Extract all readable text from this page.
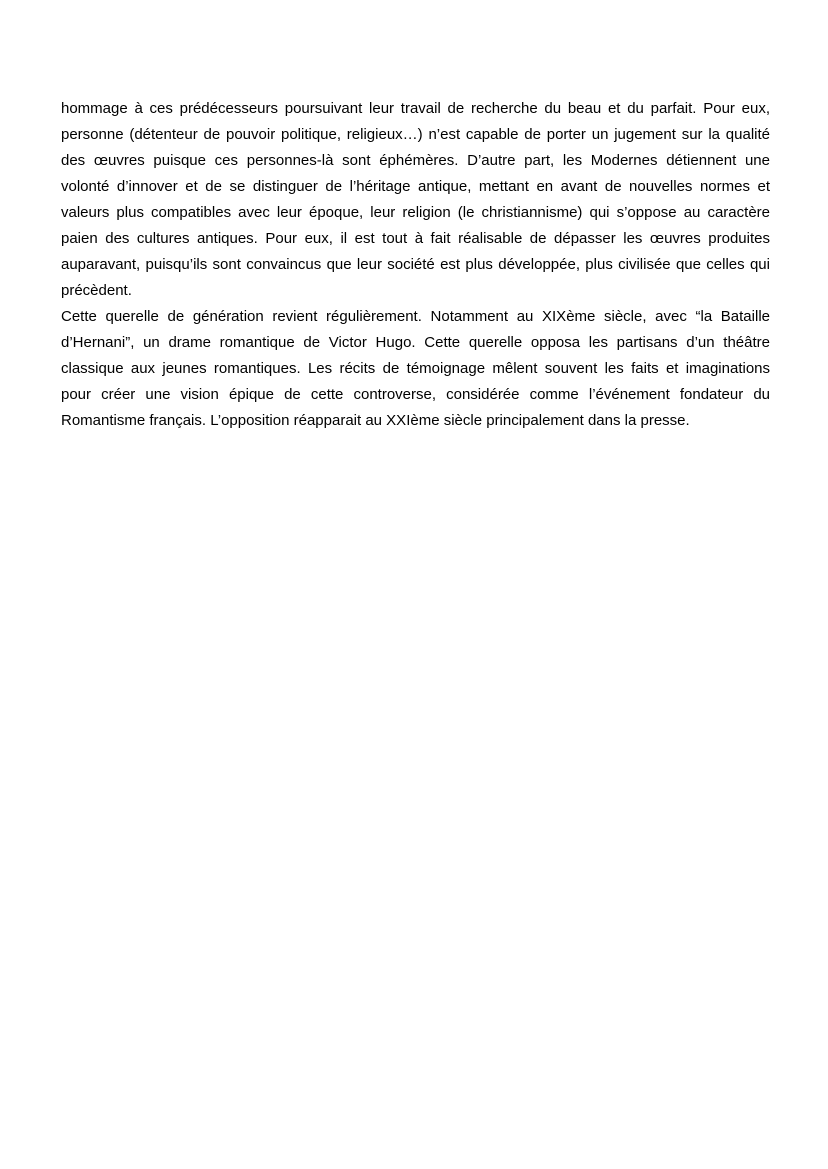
hommage à ces prédécesseurs poursuivant leur travail de recherche du beau et du parfait. Pour eux,
personne (détenteur de pouvoir politique, religieux…) n’est capable de porter un jugement sur la qualité
des œuvres puisque ces personnes-là sont éphémères. D’autre part, les Modernes détiennent une
volonté d’innover et de se distinguer de l’héritage antique, mettant en avant de nouvelles normes et
valeurs plus compatibles avec leur époque, leur religion (le christiannisme) qui s’oppose au caractère
paien des cultures antiques. Pour eux, il est tout à fait réalisable de dépasser les œuvres produites
auparavant, puisqu’ils sont convaincus que leur société est plus développée, plus civilisée que celles qui
précèdent.
Cette querelle de génération revient régulièrement. Notamment au XIXème siècle, avec “la Bataille
d’Hernani”, un drame romantique de Victor Hugo. Cette querelle opposa les partisans d’un théâtre
classique aux jeunes romantiques. Les récits de témoignage mêlent souvent les faits et imaginations
pour créer une vision épique de cette controverse, considérée comme l’événement fondateur du
Romantisme français. L’opposition réapparait au XXIème siècle principalement dans la presse.
